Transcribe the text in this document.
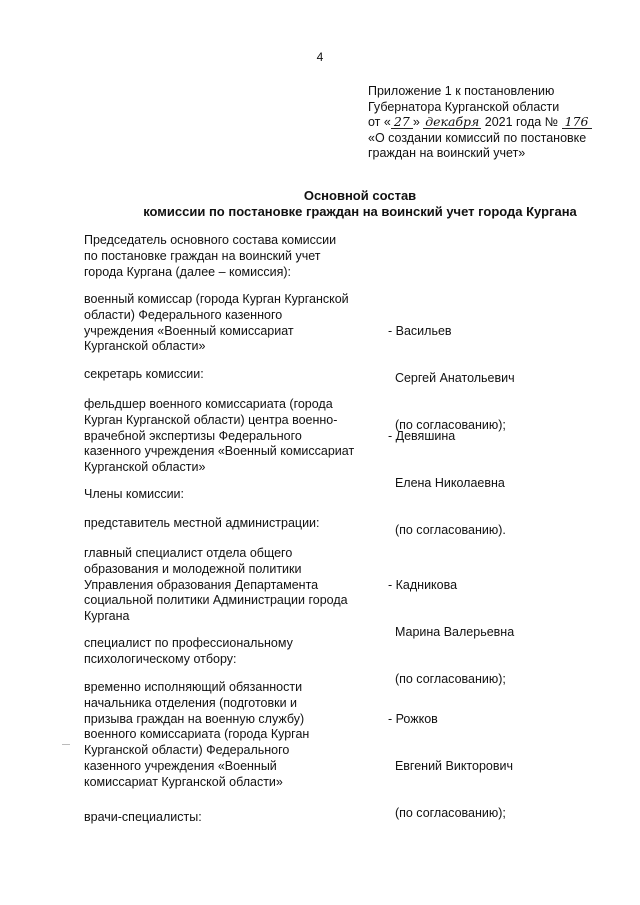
4
Приложение 1 к постановлению
Губернатора Курганской области
от « 27 » декабря 2021 года № 176
«О создании комиссий по постановке
граждан на воинский учет»
Основной состав
комиссии по постановке граждан на воинский учет города Кургана
Председатель основного состава комиссии
по постановке граждан на воинский учет
города Кургана (далее – комиссия):
военный комиссар (города Курган Курганской
области) Федерального казенного
учреждения «Военный комиссариат
Курганской области»

- Васильев

Сергей Анатольевич

(по согласованию);

секретарь комиссии:
фельдшер военного комиссариата (города
Курган Курганской области) центра военно-
врачебной экспертизы Федерального
казенного учреждения «Военный комиссариат
Курганской области»

- Девяшина

Елена Николаевна

(по согласованию).

Члены комиссии:
представитель местной администрации:
главный специалист отдела общего
образования и молодежной политики
Управления образования Департамента
социальной политики Администрации города
Кургана

- Кадникова

Марина Валерьевна

(по согласованию);

специалист по профессиональному
психологическому отбору:
временно исполняющий обязанности
начальника отделения (подготовки и
призыва граждан на военную службу)
военного комиссариата (города Курган
Курганской области) Федерального
казенного учреждения «Военный
комиссариат Курганской области»

- Рожков

Евгений Викторович

(по согласованию);

врачи-специалисты:
